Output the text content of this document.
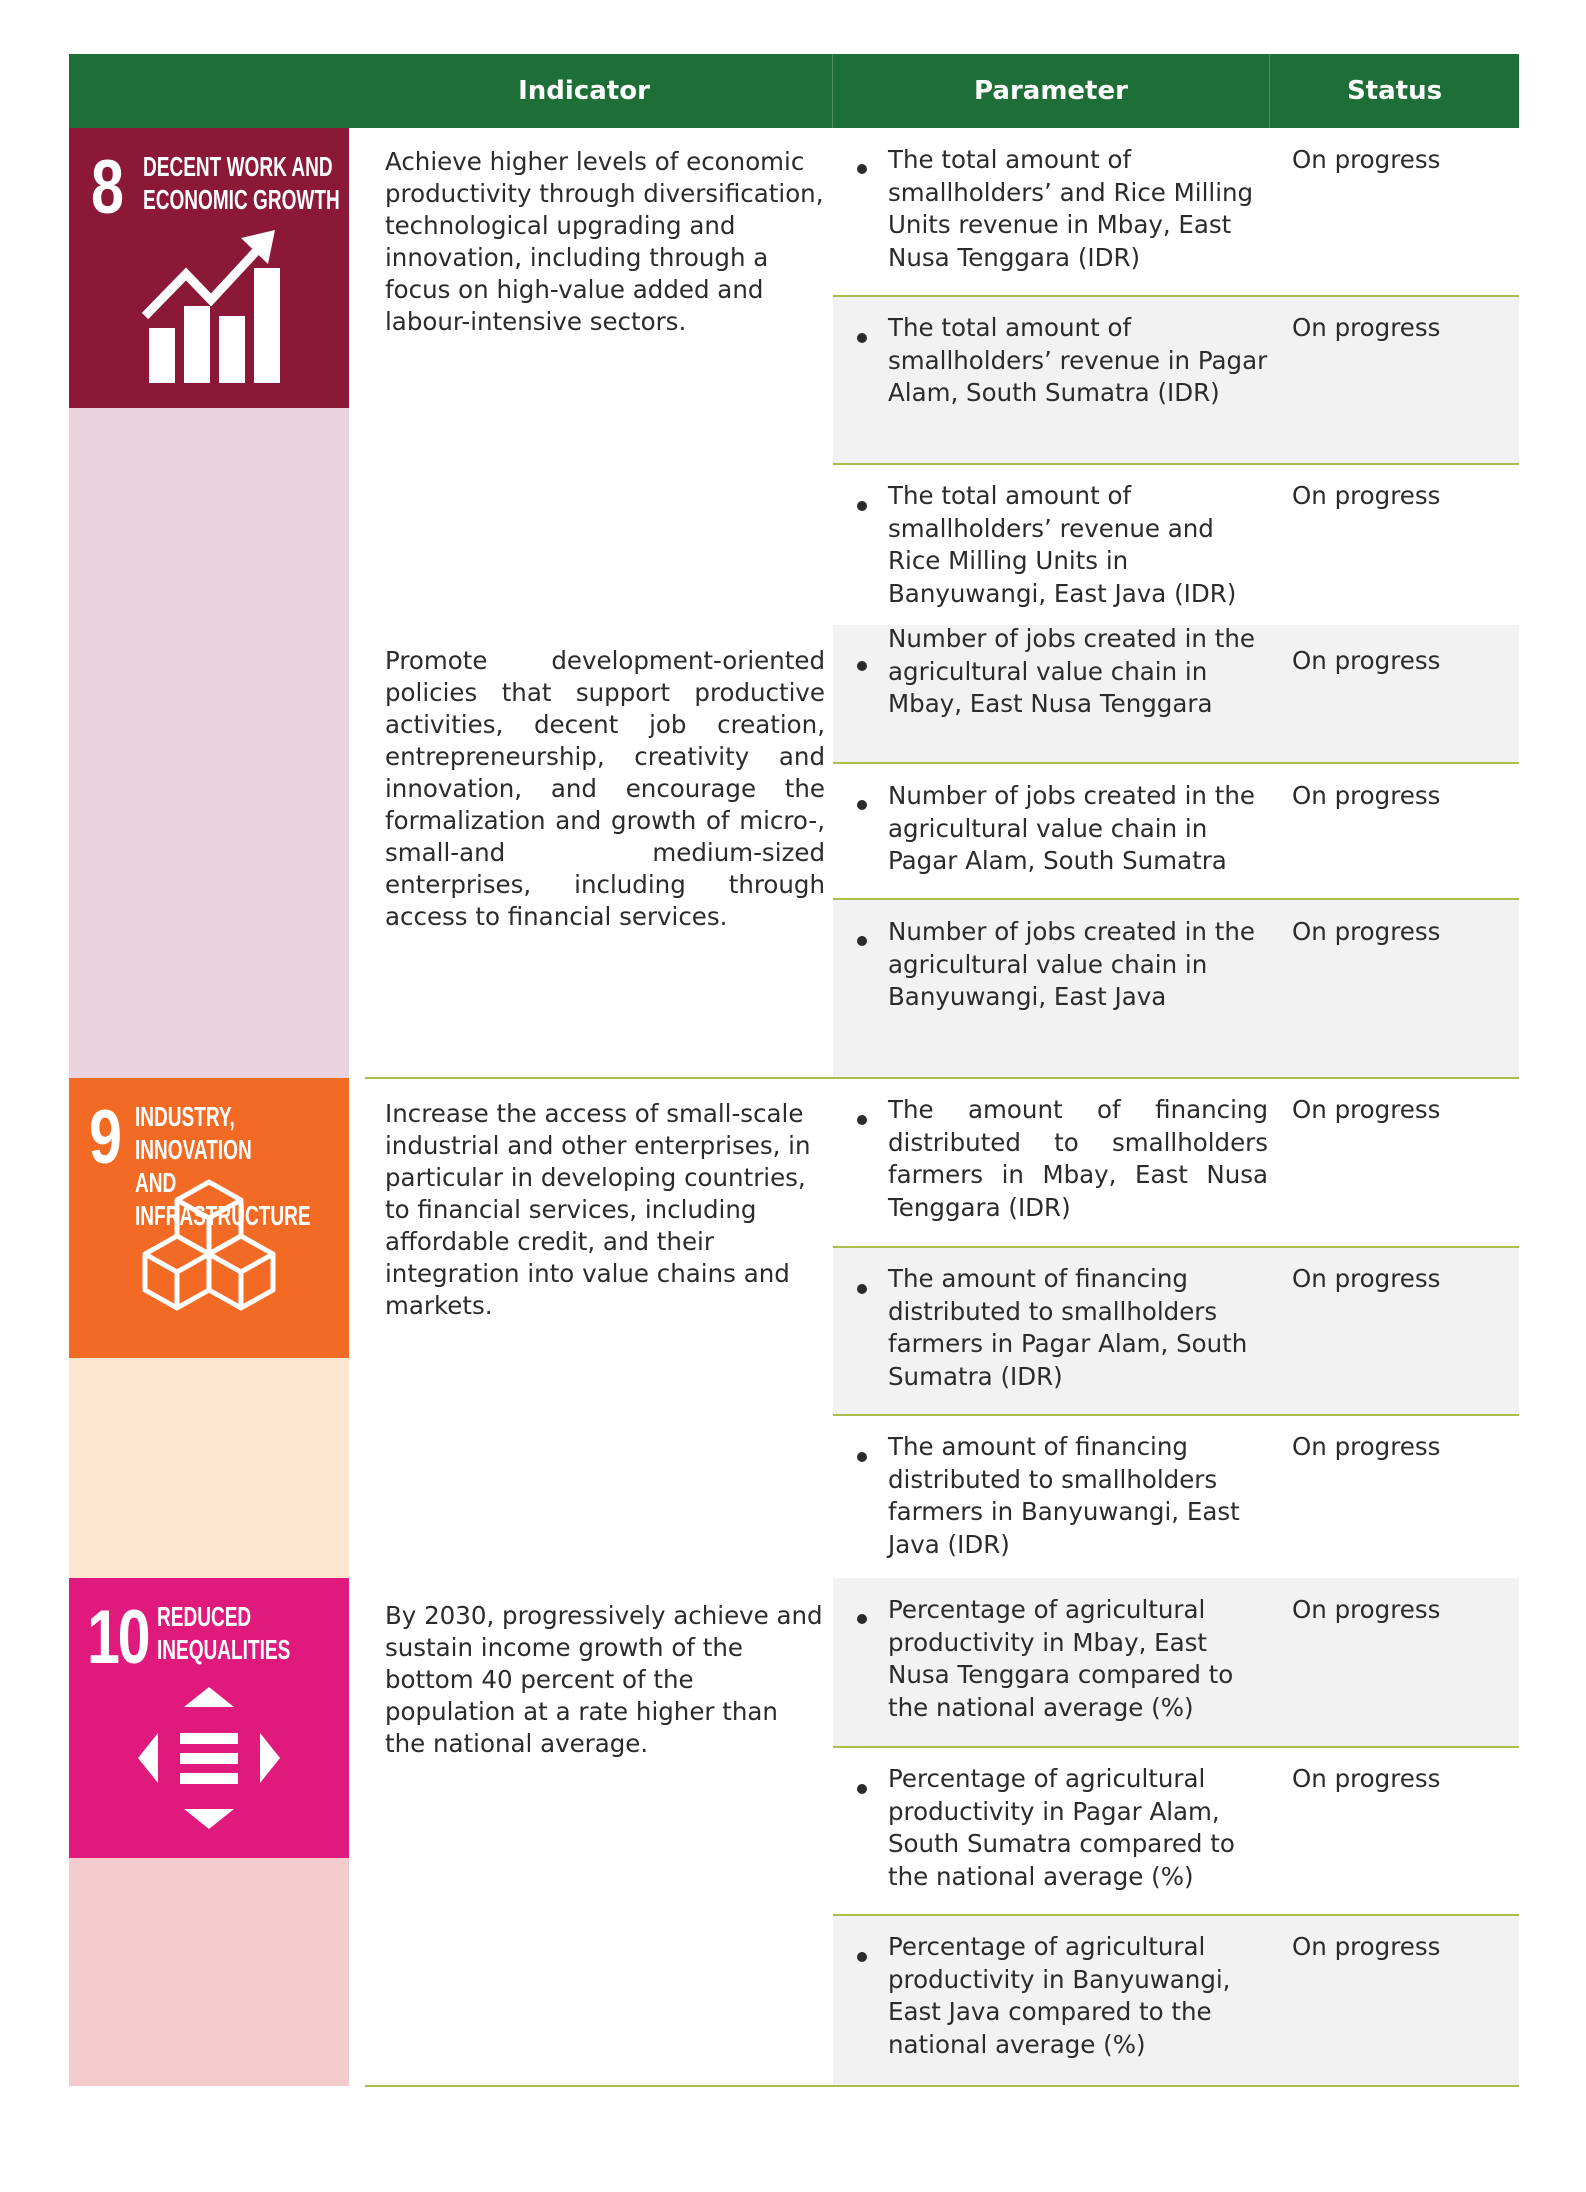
Indicator	Parameter	Status
8 DECENT WORK AND
ECONOMIC GROWTH
9 INDUSTRY, INNOVATION
AND INFRASTRUCTURE
10 REDUCED
INEQUALITIES
Achieve higher levels of economic productivity through diversification, technological upgrading and innovation, including through a focus on high-value added and labour-intensive sectors.
Promote development-oriented policies that support productive activities, decent job creation, entrepreneurship, creativity and innovation, and encourage the formalization and growth of micro-, small-and medium-sized enterprises, including through access to financial services.
Increase the access of small-scale industrial and other enterprises, in particular in developing countries, to financial services, including affordable credit, and their integration into value chains and markets.
By 2030, progressively achieve and sustain income growth of the bottom 40 percent of the population at a rate higher than the national average.
The total amount of smallholders’ and Rice Milling Units revenue in Mbay, East Nusa Tenggara (IDR)
On progress
The total amount of smallholders’ revenue in Pagar Alam, South Sumatra (IDR)
On progress
The total amount of smallholders’ revenue and Rice Milling Units in Banyuwangi, East Java (IDR)
On progress
Number of jobs created in the agricultural value chain in Mbay, East Nusa Tenggara
On progress
Number of jobs created in the agricultural value chain in Pagar Alam, South Sumatra
On progress
Number of jobs created in the agricultural value chain in Banyuwangi, East Java
On progress
The amount of financing distributed to smallholders farmers in Mbay, East Nusa Tenggara (IDR)
On progress
The amount of financing distributed to smallholders farmers in Pagar Alam, South Sumatra (IDR)
On progress
The amount of financing distributed to smallholders farmers in Banyuwangi, East Java (IDR)
On progress
Percentage of agricultural productivity in Mbay, East Nusa Tenggara compared to the national average (%)
On progress
Percentage of agricultural productivity in Pagar Alam, South Sumatra compared to the national average (%)
On progress
Percentage of agricultural productivity in Banyuwangi, East Java compared to the national average (%)
On progress
